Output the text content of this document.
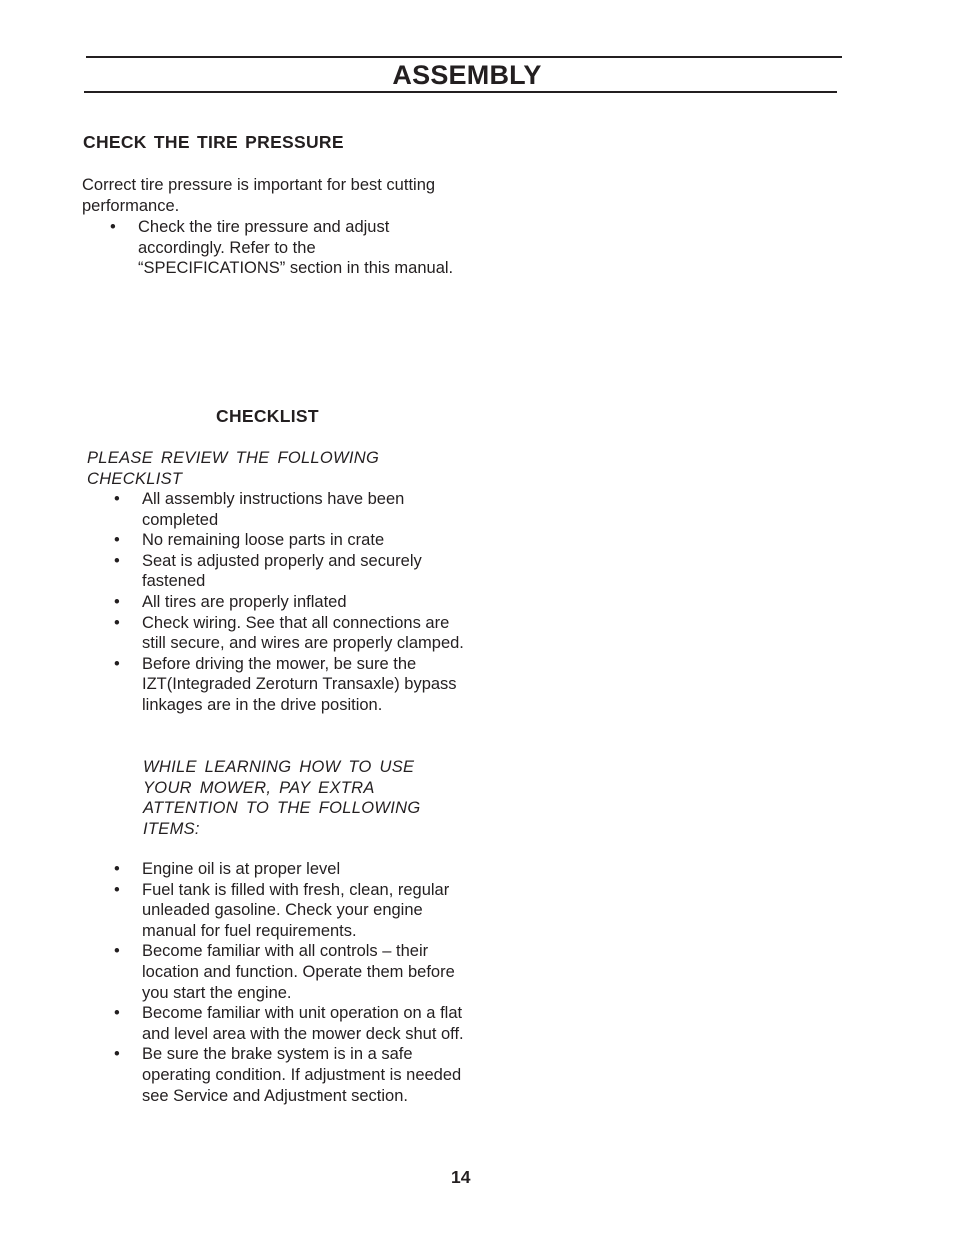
ASSEMBLY
CHECK THE TIRE PRESSURE

Correct tire pressure is important for best cutting performance.

• Check the tire pressure and adjust accordingly. Refer to the “SPECIFICATIONS” section in this manual.
CHECKLIST

PLEASE REVIEW THE FOLLOWING CHECKLIST

• All assembly instructions have been completed
• No remaining loose parts in crate
• Seat is adjusted properly and securely fastened
• All tires are properly inflated
• Check wiring. See that all connections are still secure, and wires are properly clamped.
• Before driving the mower, be sure the IZT(Integraded Zeroturn Transaxle) bypass linkages are in the drive position.

WHILE LEARNING HOW TO USE YOUR MOWER, PAY EXTRA ATTENTION TO THE FOLLOWING ITEMS:

• Engine oil is at proper level
• Fuel tank is filled with fresh, clean, regular unleaded gasoline. Check your engine manual for fuel requirements.
• Become familiar with all controls – their location and function. Operate them before you start the engine.
• Become familiar with unit operation on a flat and level area with the mower deck shut off.
• Be sure the brake system is in a safe operating condition. If adjustment is needed see Service and Adjustment section.
14
